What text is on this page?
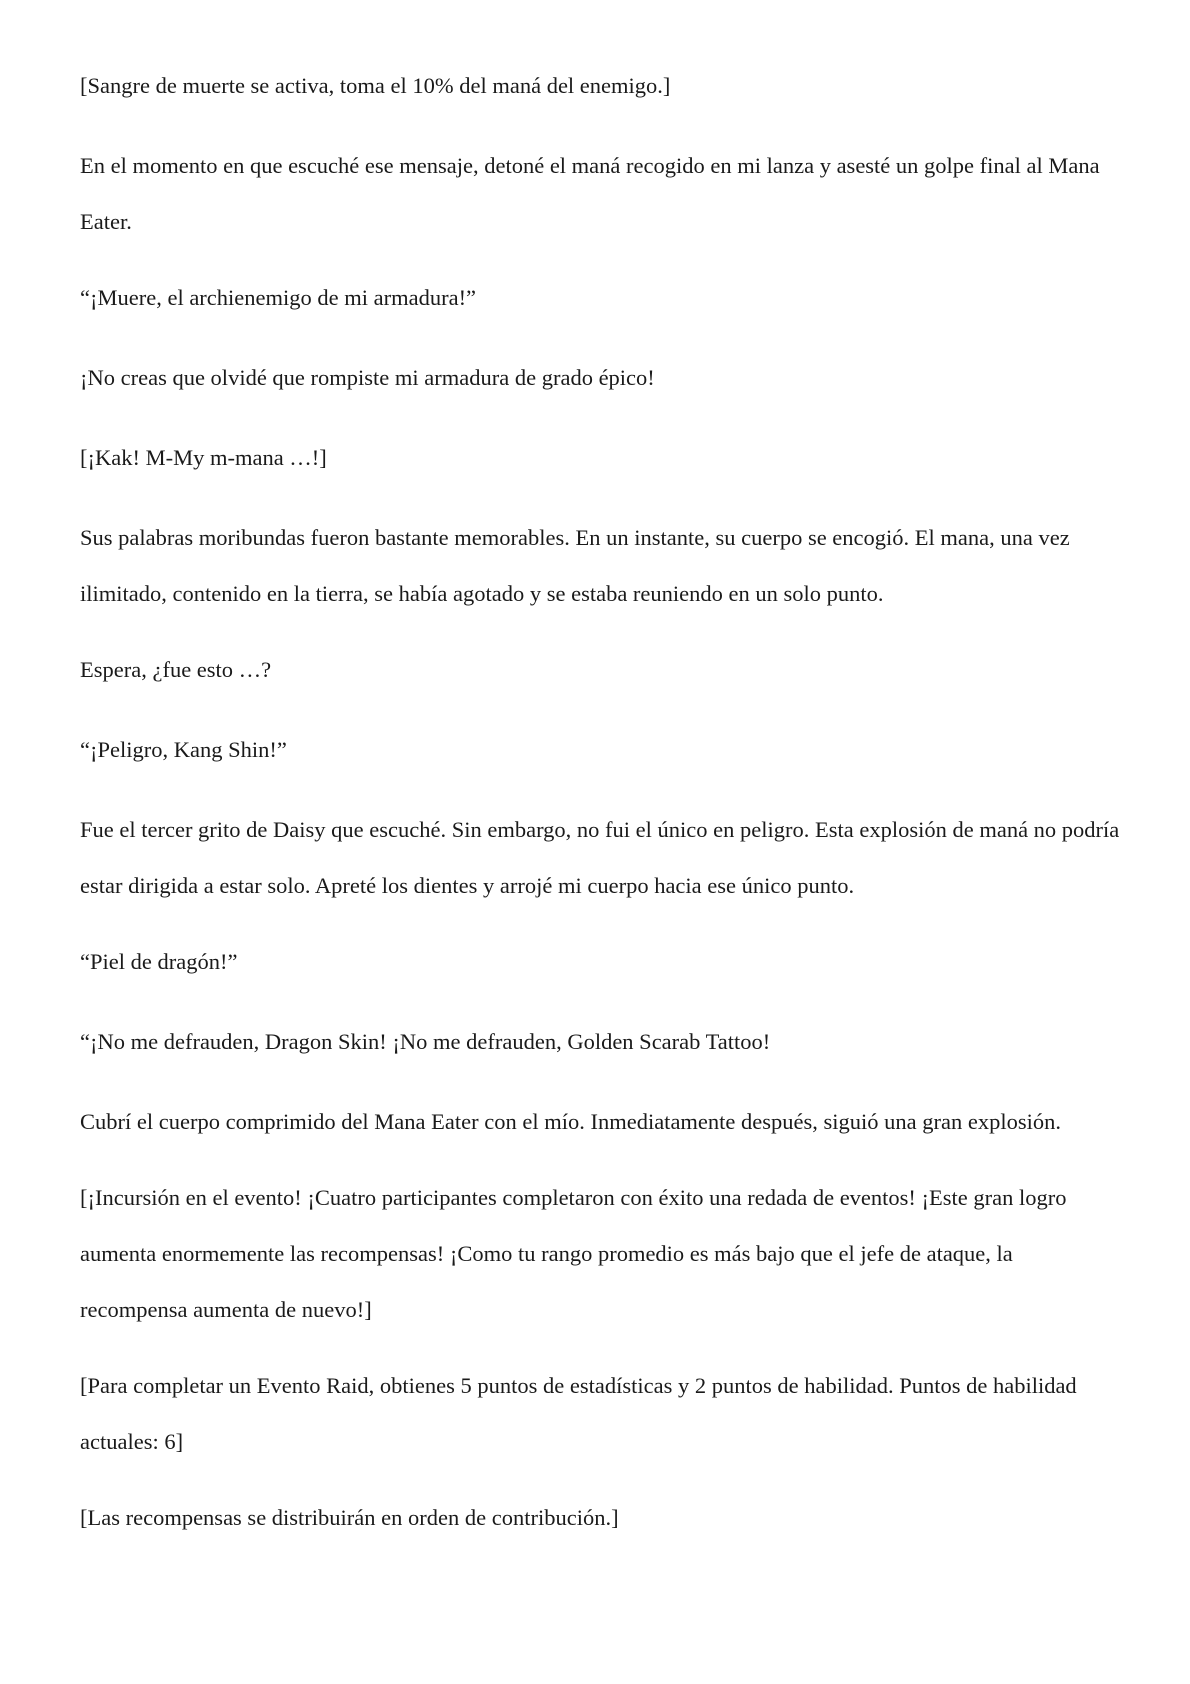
[Sangre de muerte se activa, toma el 10% del maná del enemigo.]

En el momento en que escuché ese mensaje, detoné el maná recogido en mi lanza y asesté un golpe final al Mana Eater.

“¡Muere, el archienemigo de mi armadura!”

¡No creas que olvidé que rompiste mi armadura de grado épico!

[¡Kak! M-My m-mana …!]

Sus palabras moribundas fueron bastante memorables. En un instante, su cuerpo se encogió. El mana, una vez ilimitado, contenido en la tierra, se había agotado y se estaba reuniendo en un solo punto.

Espera, ¿fue esto …?

“¡Peligro, Kang Shin!”

Fue el tercer grito de Daisy que escuché. Sin embargo, no fui el único en peligro. Esta explosión de maná no podría estar dirigida a estar solo. Apreté los dientes y arrojé mi cuerpo hacia ese único punto.

“Piel de dragón!”

“¡No me defrauden, Dragon Skin! ¡No me defrauden, Golden Scarab Tattoo!

Cubrí el cuerpo comprimido del Mana Eater con el mío. Inmediatamente después, siguió una gran explosión.

[¡Incursión en el evento! ¡Cuatro participantes completaron con éxito una redada de eventos! ¡Este gran logro aumenta enormemente las recompensas! ¡Como tu rango promedio es más bajo que el jefe de ataque, la recompensa aumenta de nuevo!]

[Para completar un Evento Raid, obtienes 5 puntos de estadísticas y 2 puntos de habilidad. Puntos de habilidad actuales: 6]

[Las recompensas se distribuirán en orden de contribución.]
